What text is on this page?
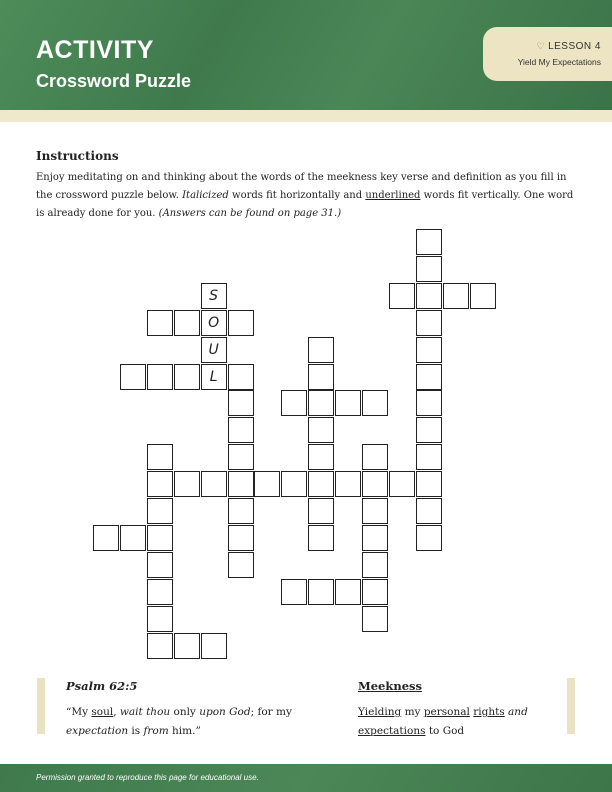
ACTIVITY
Crossword Puzzle
♡ LESSON 4
Yield My Expectations
Instructions
Enjoy meditating on and thinking about the words of the meekness key verse and definition as you fill in the crossword puzzle below. Italicized words fit horizontally and underlined words fit vertically. One word is already done for you. (Answers can be found on page 31.)
S
O
U
L
Psalm 62:5
“My soul, wait thou only upon God; for my
expectation is from him.”
Meekness
Yielding my personal rights and
expectations to God
Permission granted to reproduce this page for educational use.
